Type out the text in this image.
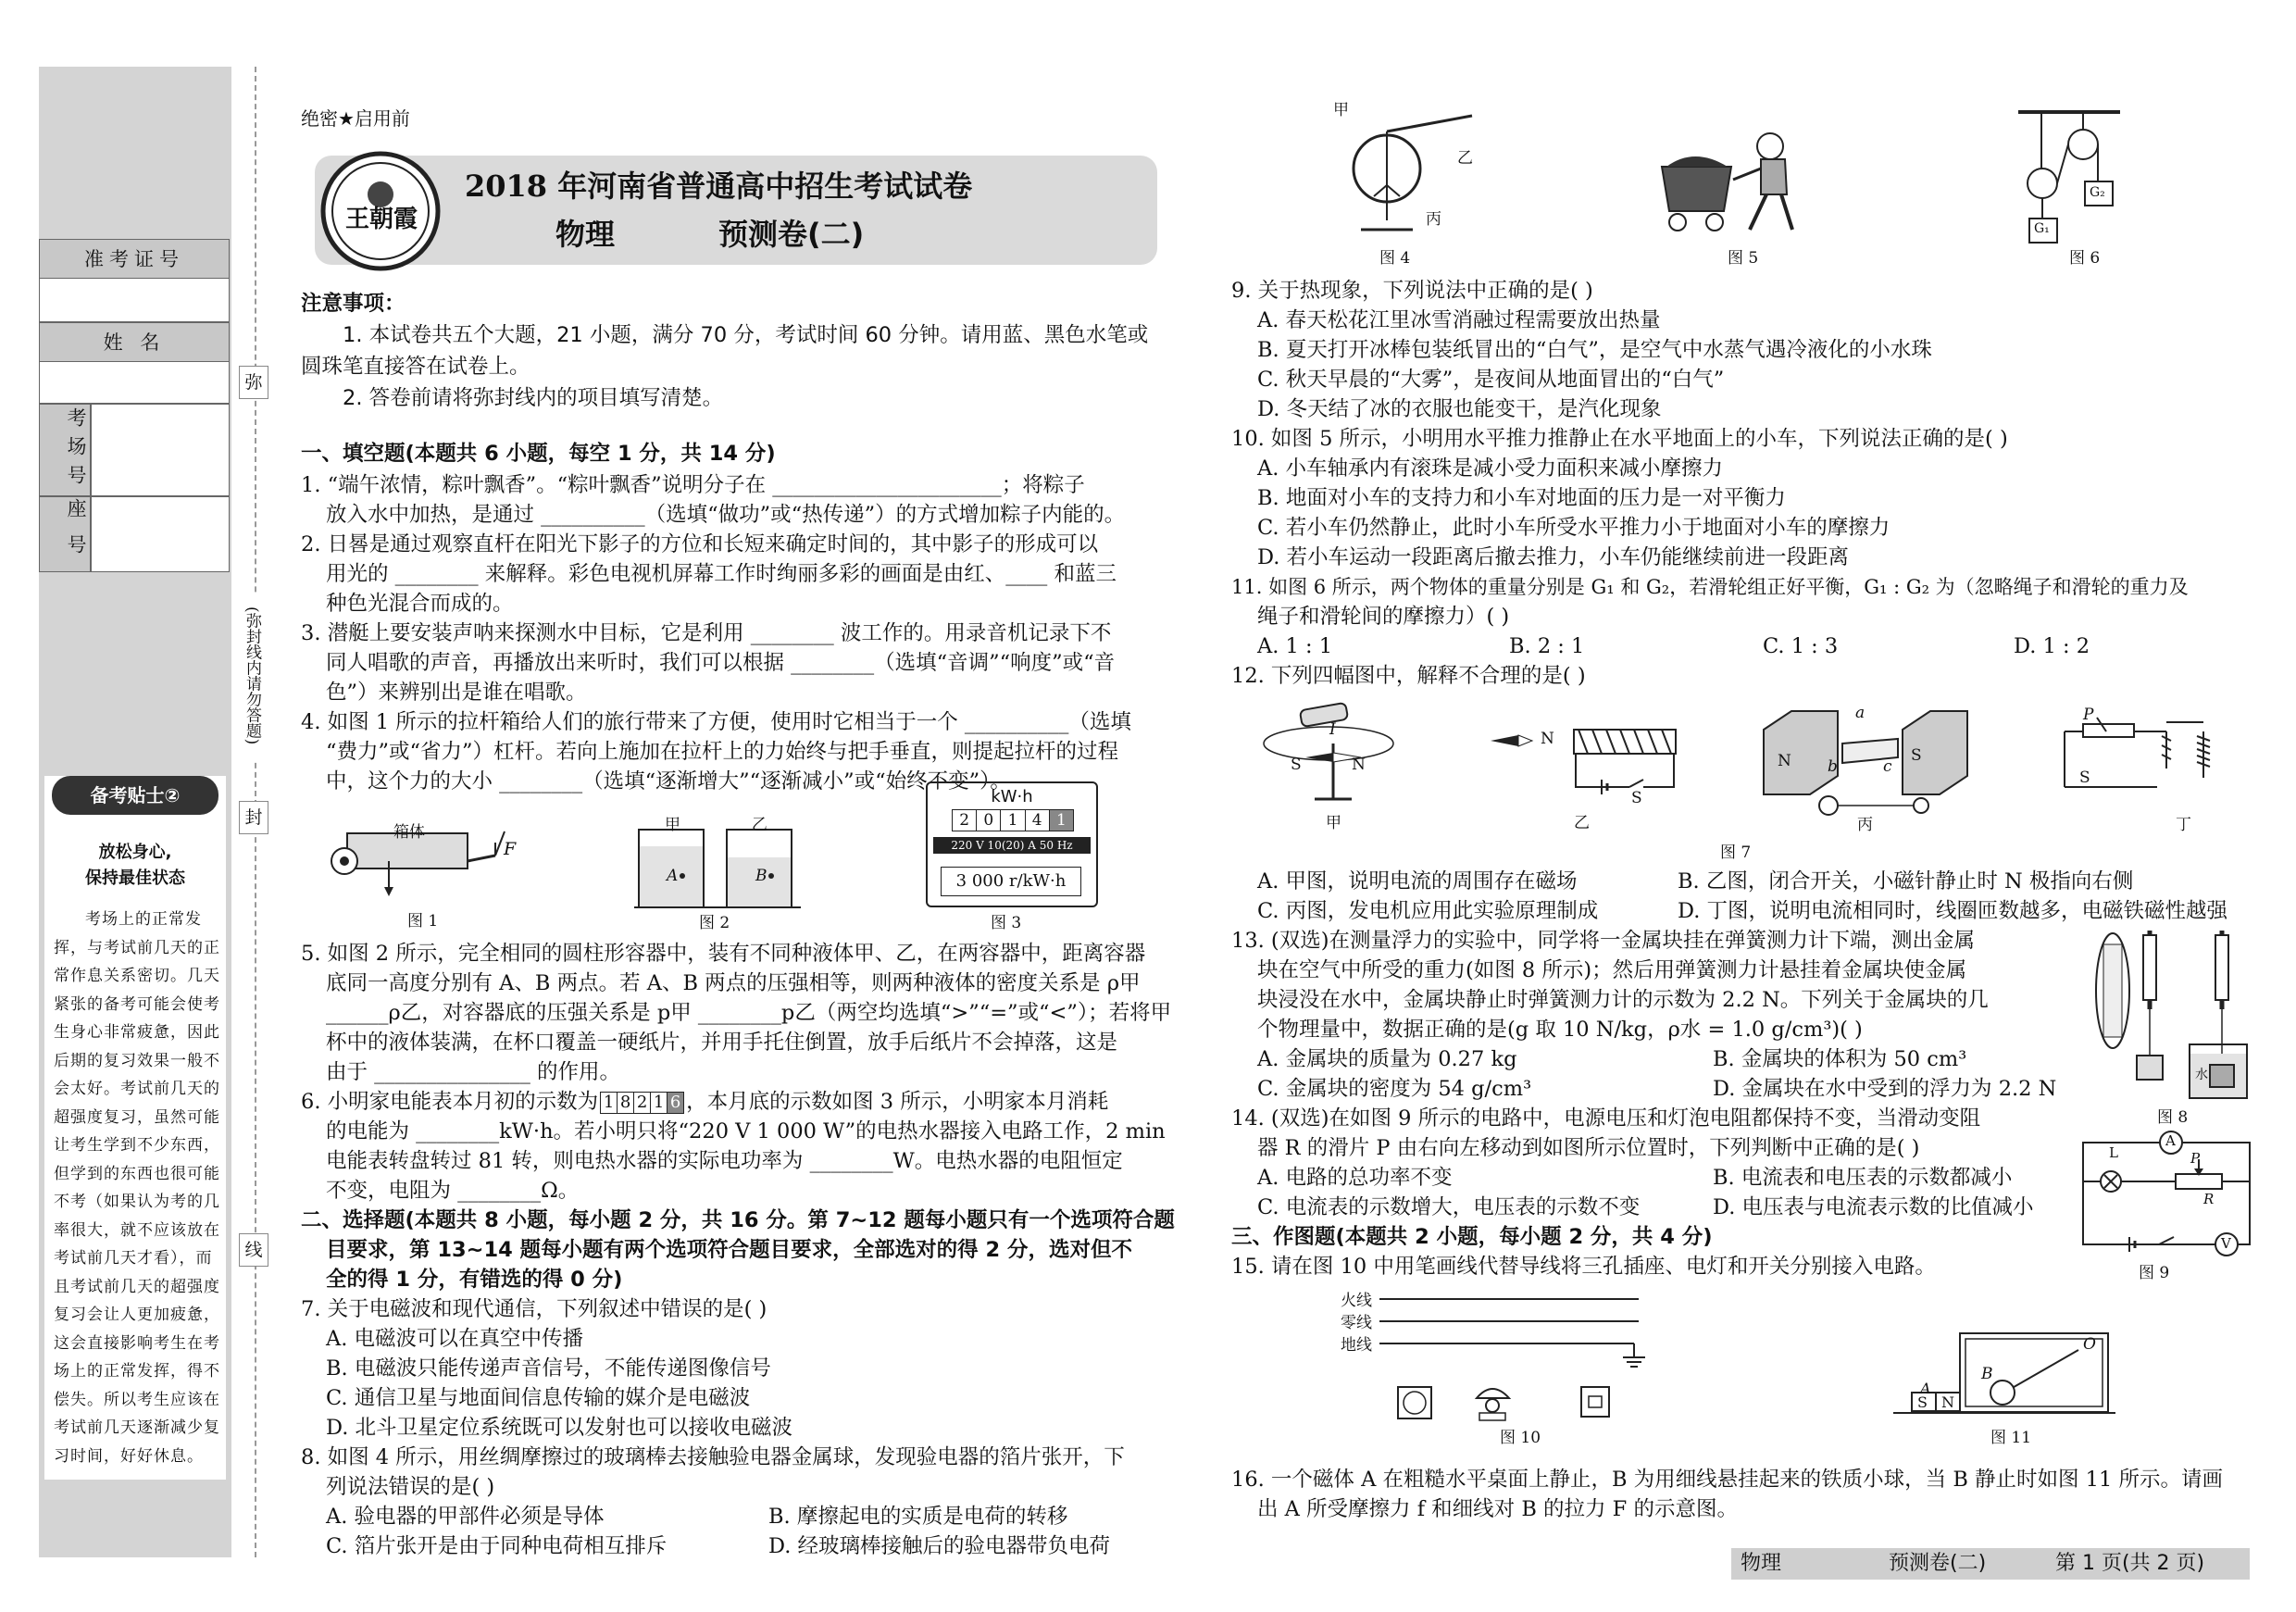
准考证号
姓 名
考场号
座号
弥
封
线
(弥封线内请勿答题)
备考贴士②
放松身心,
保持最佳状态
考场上的正常发挥，与考试前几天的正常作息关系密切。几天紧张的备考可能会使考生身心非常疲惫，因此后期的复习效果一般不会太好。考试前几天的超强度复习，虽然可能让考生学到不少东西，但学到的东西也很可能不考（如果认为考的几率很大，就不应该放在考试前几天才看），而且考试前几天的超强度复习会让人更加疲惫，这会直接影响考生在考场上的正常发挥，得不偿失。所以考生应该在考试前几天逐渐减少复习时间，好好休息。
绝密★启用前
王朝霞
2018 年河南省普通高中招生考试试卷
物理	预测卷(二)
注意事项：
1. 本试卷共五个大题，21 小题，满分 70 分，考试时间 60 分钟。请用蓝、黑色水笔或
圆珠笔直接答在试卷上。
2. 答卷前请将弥封线内的项目填写清楚。
一、填空题(本题共 6 小题，每空 1 分，共 14 分)
1. “端午浓情，粽叶飘香”。“粽叶飘香”说明分子在 ______________________；将粽子
放入水中加热，是通过 __________（选填“做功”或“热传递”）的方式增加粽子内能的。
2. 日晷是通过观察直杆在阳光下影子的方位和长短来确定时间的，其中影子的形成可以
用光的 ________ 来解释。彩色电视机屏幕工作时绚丽多彩的画面是由红、____ 和蓝三
种色光混合而成的。
3. 潜艇上要安装声呐来探测水中目标，它是利用 ________ 波工作的。用录音机记录下不
同人唱歌的声音，再播放出来听时，我们可以根据 ________（选填“音调”“响度”或“音
色”）来辨别出是谁在唱歌。
4. 如图 1 所示的拉杆箱给人们的旅行带来了方便，使用时它相当于一个 __________（选填
“费力”或“省力”）杠杆。若向上施加在拉杆上的力始终与把手垂直，则提起拉杆的过程
中，这个力的大小 ________（选填“逐渐增大”“逐渐减小”或“始终不变”）。
箱体
F
图 1
甲	乙
A	B
图 2
kW·h
2 0 1 4 1
220 V 10(20) A 50 Hz
3 000 r/kW·h
图 3
5. 如图 2 所示，完全相同的圆柱形容器中，装有不同种液体甲、乙，在两容器中，距离容器
底同一高度分别有 A、B 两点。若 A、B 两点的压强相等，则两种液体的密度关系是 ρ甲
______ρ乙，对容器底的压强关系是 p甲 ________p乙（两空均选填“>”“=”或“<”）；若将甲
杯中的液体装满，在杯口覆盖一硬纸片，并用手托住倒置，放手后纸片不会掉落，这是
由于 _______________ 的作用。
6. 小明家电能表本月初的示数为 1 8 2 1 6 ，本月底的示数如图 3 所示，小明家本月消耗
的电能为 ________kW·h。若小明只将“220 V 1 000 W”的电热水器接入电路工作，2 min
电能表转盘转过 81 转，则电热水器的实际电功率为 ________W。电热水器的电阻恒定
不变，电阻为 ________Ω。
二、选择题(本题共 8 小题，每小题 2 分，共 16 分。第 7~12 题每小题只有一个选项符合题
目要求，第 13~14 题每小题有两个选项符合题目要求，全部选对的得 2 分，选对但不
全的得 1 分，有错选的得 0 分)
7. 关于电磁波和现代通信，下列叙述中错误的是( )
A. 电磁波可以在真空中传播
B. 电磁波只能传递声音信号，不能传递图像信号
C. 通信卫星与地面间信息传输的媒介是电磁波
D. 北斗卫星定位系统既可以发射也可以接收电磁波
8. 如图 4 所示，用丝绸摩擦过的玻璃棒去接触验电器金属球，发现验电器的箔片张开，下
列说法错误的是( )
A. 验电器的甲部件必须是导体	B. 摩擦起电的实质是电荷的转移
C. 箔片张开是由于同种电荷相互排斥	D. 经玻璃棒接触后的验电器带负电荷
甲
乙
丙
图 4	图 5
G₁
G₂
图 6
9. 关于热现象，下列说法中正确的是( )
A. 春天松花江里冰雪消融过程需要放出热量
B. 夏天打开冰棒包装纸冒出的“白气”，是空气中水蒸气遇冷液化的小水珠
C. 秋天早晨的“大雾”，是夜间从地面冒出的“白气”
D. 冬天结了冰的衣服也能变干，是汽化现象
10. 如图 5 所示，小明用水平推力推静止在水平地面上的小车，下列说法正确的是( )
A. 小车轴承内有滚珠是减小受力面积来减小摩擦力
B. 地面对小车的支持力和小车对地面的压力是一对平衡力
C. 若小车仍然静止，此时小车所受水平推力小于地面对小车的摩擦力
D. 若小车运动一段距离后撤去推力，小车仍能继续前进一段距离
11. 如图 6 所示，两个物体的重量分别是 G₁ 和 G₂，若滑轮组正好平衡，G₁ : G₂ 为（忽略绳子和滑轮的重力及
绳子和滑轮间的摩擦力）( )
A. 1 : 1	B. 2 : 1	C. 1 : 3	D. 1 : 2
12. 下列四幅图中，解释不合理的是( )
I
S	N
甲
N
S
乙
N	S
a
b	c
丙
P
S
丁
图 7
A. 甲图，说明电流的周围存在磁场	B. 乙图，闭合开关，小磁针静止时 N 极指向右侧
C. 丙图，发电机应用此实验原理制成	D. 丁图，说明电流相同时，线圈匝数越多，电磁铁磁性越强
13. (双选)在测量浮力的实验中，同学将一金属块挂在弹簧测力计下端，测出金属
块在空气中所受的重力(如图 8 所示)；然后用弹簧测力计悬挂着金属块使金属
块浸没在水中，金属块静止时弹簧测力计的示数为 2.2 N。下列关于金属块的几
个物理量中，数据正确的是(g 取 10 N/kg，ρ水 = 1.0 g/cm³)( )
A. 金属块的质量为 0.27 kg	B. 金属块的体积为 50 cm³
C. 金属块的密度为 54 g/cm³	D. 金属块在水中受到的浮力为 2.2 N
水
图 8
14. (双选)在如图 9 所示的电路中，电源电压和灯泡电阻都保持不变，当滑动变阻
器 R 的滑片 P 由右向左移动到如图所示位置时，下列判断中正确的是( )
A. 电路的总功率不变	B. 电流表和电压表的示数都减小
C. 电流表的示数增大，电压表的示数不变	D. 电压表与电流表示数的比值减小
A
L	P
R
V
图 9
三、作图题(本题共 2 小题，每小题 2 分，共 4 分)
15. 请在图 10 中用笔画线代替导线将三孔插座、电灯和开关分别接入电路。
火线
零线
地线
图 10
A
S N
B
O
图 11
16. 一个磁体 A 在粗糙水平桌面上静止，B 为用细线悬挂起来的铁质小球，当 B 静止时如图 11 所示。请画
出 A 所受摩擦力 f 和细线对 B 的拉力 F 的示意图。
物理	预测卷(二)	第 1 页(共 2 页)
